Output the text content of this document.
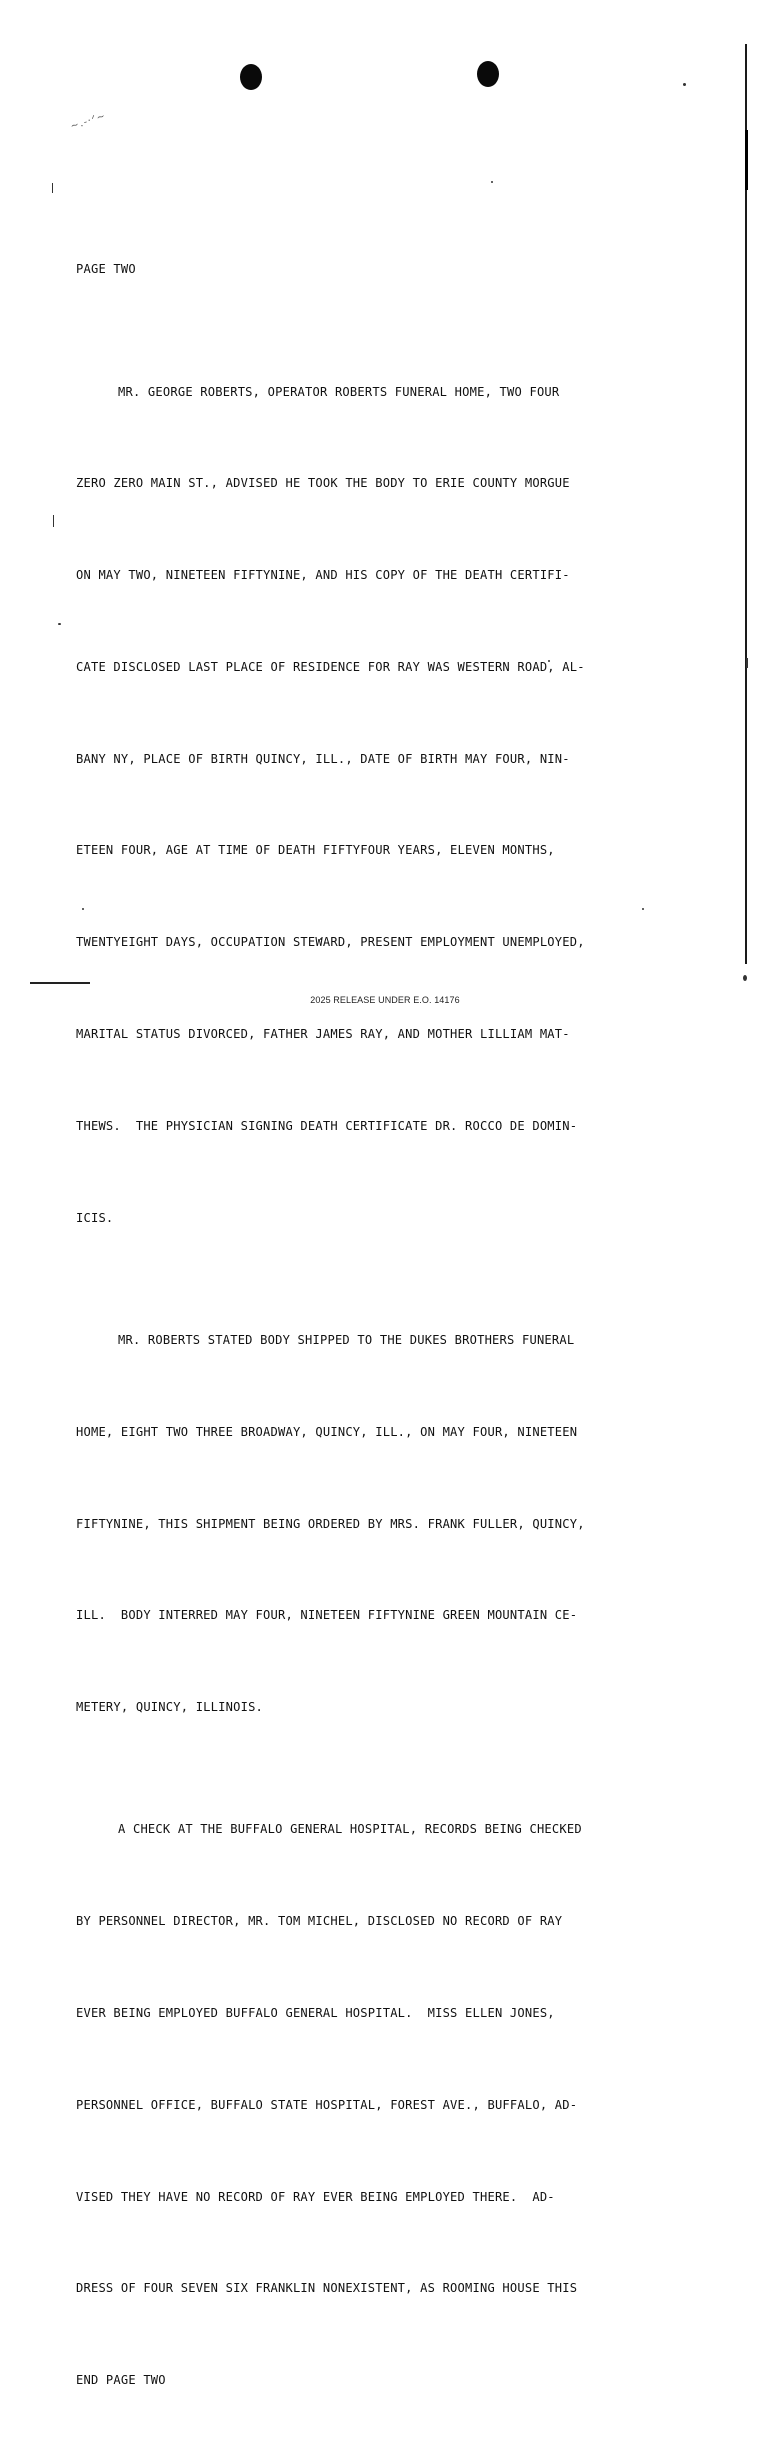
~.-·ᐟ~

PAGE TWO

MR. GEORGE ROBERTS, OPERATOR ROBERTS FUNERAL HOME, TWO FOUR

ZERO ZERO MAIN ST., ADVISED HE TOOK THE BODY TO ERIE COUNTY MORGUE

ON MAY TWO, NINETEEN FIFTYNINE, AND HIS COPY OF THE DEATH CERTIFI-

CATE DISCLOSED LAST PLACE OF RESIDENCE FOR RAY WAS WESTERN ROAD, AL-

BANY NY, PLACE OF BIRTH QUINCY, ILL., DATE OF BIRTH MAY FOUR, NIN-

ETEEN FOUR, AGE AT TIME OF DEATH FIFTYFOUR YEARS, ELEVEN MONTHS,

TWENTYEIGHT DAYS, OCCUPATION STEWARD, PRESENT EMPLOYMENT UNEMPLOYED,

MARITAL STATUS DIVORCED, FATHER JAMES RAY, AND MOTHER LILLIAM MAT-

THEWS.  THE PHYSICIAN SIGNING DEATH CERTIFICATE DR. ROCCO DE DOMIN-

ICIS.

MR. ROBERTS STATED BODY SHIPPED TO THE DUKES BROTHERS FUNERAL

HOME, EIGHT TWO THREE BROADWAY, QUINCY, ILL., ON MAY FOUR, NINETEEN

FIFTYNINE, THIS SHIPMENT BEING ORDERED BY MRS. FRANK FULLER, QUINCY,

ILL.  BODY INTERRED MAY FOUR, NINETEEN FIFTYNINE GREEN MOUNTAIN CE-

METERY, QUINCY, ILLINOIS.

A CHECK AT THE BUFFALO GENERAL HOSPITAL, RECORDS BEING CHECKED

BY PERSONNEL DIRECTOR, MR. TOM MICHEL, DISCLOSED NO RECORD OF RAY

EVER BEING EMPLOYED BUFFALO GENERAL HOSPITAL.  MISS ELLEN JONES,

PERSONNEL OFFICE, BUFFALO STATE HOSPITAL, FOREST AVE., BUFFALO, AD-

VISED THEY HAVE NO RECORD OF RAY EVER BEING EMPLOYED THERE.  AD-

DRESS OF FOUR SEVEN SIX FRANKLIN NONEXISTENT, AS ROOMING HOUSE THIS

END PAGE TWO

2025 RELEASE UNDER E.O. 14176
